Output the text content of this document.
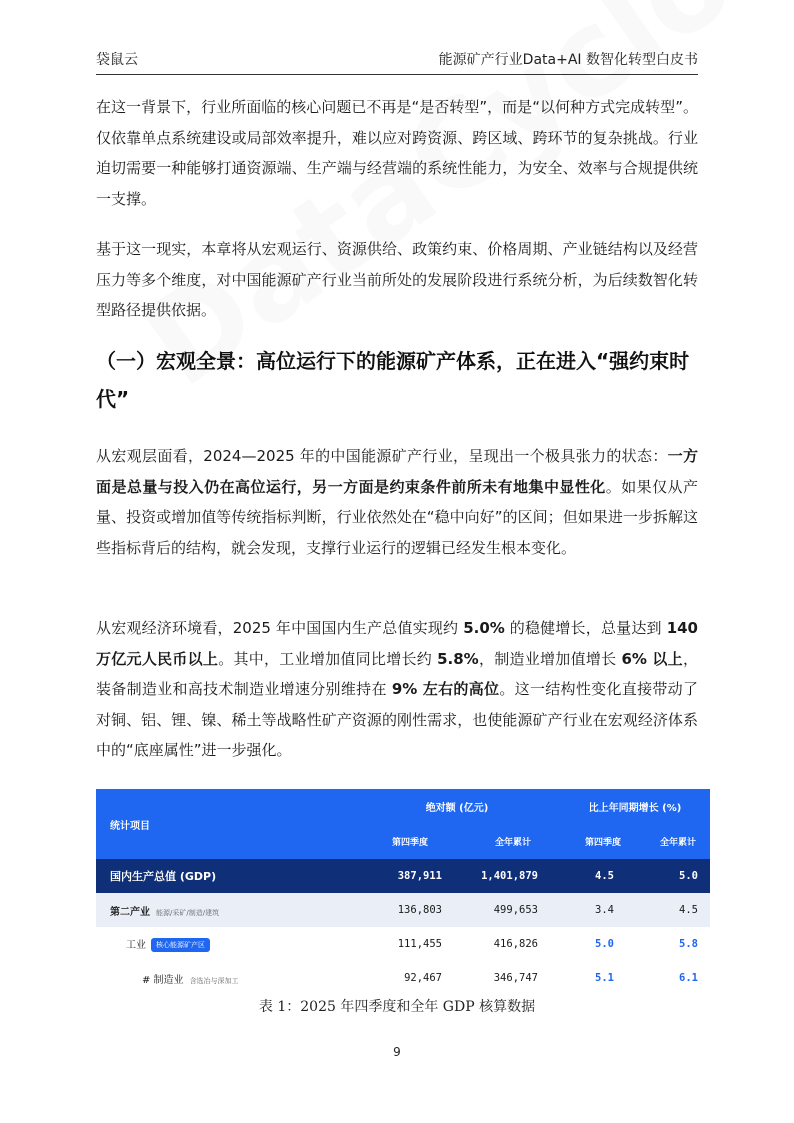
袋鼠云	能源矿产行业Data+AI 数智化转型白皮书

在这一背景下，行业所面临的核心问题已不再是“是否转型”，而是“以何种方式完成转型”。仅依靠单点系统建设或局部效率提升，难以应对跨资源、跨区域、跨环节的复杂挑战。行业迫切需要一种能够打通资源端、生产端与经营端的系统性能力，为安全、效率与合规提供统一支撑。

基于这一现实，本章将从宏观运行、资源供给、政策约束、价格周期、产业链结构以及经营压力等多个维度，对中国能源矿产行业当前所处的发展阶段进行系统分析，为后续数智化转型路径提供依据。

（一）宏观全景：高位运行下的能源矿产体系，正在进入“强约束时代”

从宏观层面看，2024—2025 年的中国能源矿产行业，呈现出一个极具张力的状态：一方面是总量与投入仍在高位运行，另一方面是约束条件前所未有地集中显性化。如果仅从产量、投资或增加值等传统指标判断，行业依然处在“稳中向好”的区间；但如果进一步拆解这些指标背后的结构，就会发现，支撑行业运行的逻辑已经发生根本变化。

从宏观经济环境看，2025 年中国国内生产总值实现约 5.0% 的稳健增长，总量达到 140 万亿元人民币以上。其中，工业增加值同比增长约 5.8%，制造业增加值增长 6% 以上，装备制造业和高技术制造业增速分别维持在 9% 左右的高位。这一结构性变化直接带动了对铜、铝、锂、镍、稀土等战略性矿产资源的刚性需求，也使能源矿产行业在宏观经济体系中的“底座属性”进一步强化。

统计项目	绝对额 (亿元)		比上年同期增长 (%)	
	第四季度	全年累计	第四季度	全年累计
国内生产总值 (GDP)	387,911	1,401,879	4.5	5.0
第二产业 能源/采矿/制造/建筑	136,803	499,653	3.4	4.5
工业 核心能源矿产区	111,455	416,826	5.0	5.8
# 制造业 含选冶与深加工	92,467	346,747	5.1	6.1
表 1：2025 年四季度和全年 GDP 核算数据
9
